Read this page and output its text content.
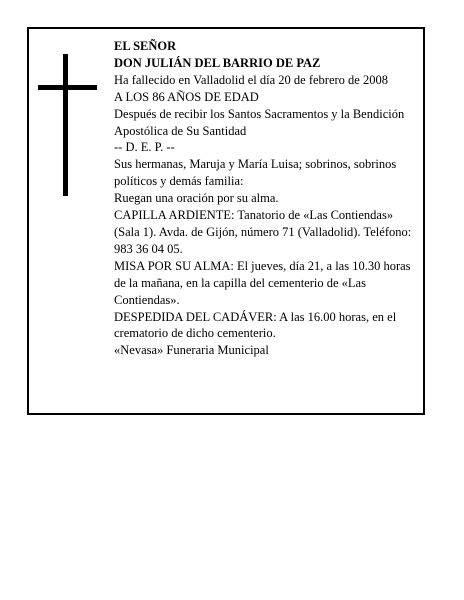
EL SEÑOR

DON JULIÁN DEL BARRIO DE PAZ

Ha fallecido en Valladolid el día 20 de febrero de 2008

A LOS 86 AÑOS DE EDAD

Después de recibir los Santos Sacramentos y la Bendición Apostólica de Su Santidad

-- D. E. P. --

Sus hermanas, Maruja y María Luisa; sobrinos, sobrinos políticos y demás familia:

Ruegan una oración por su alma.

CAPILLA ARDIENTE: Tanatorio de «Las Contiendas» (Sala 1). Avda. de Gijón, número 71 (Valladolid). Teléfono: 983 36 04 05.

MISA POR SU ALMA: El jueves, día 21, a las 10.30 horas de la mañana, en la capilla del cementerio de «Las Contiendas».

DESPEDIDA DEL CADÁVER: A las 16.00 horas, en el crematorio de dicho cementerio.

«Nevasa» Funeraria Municipal
